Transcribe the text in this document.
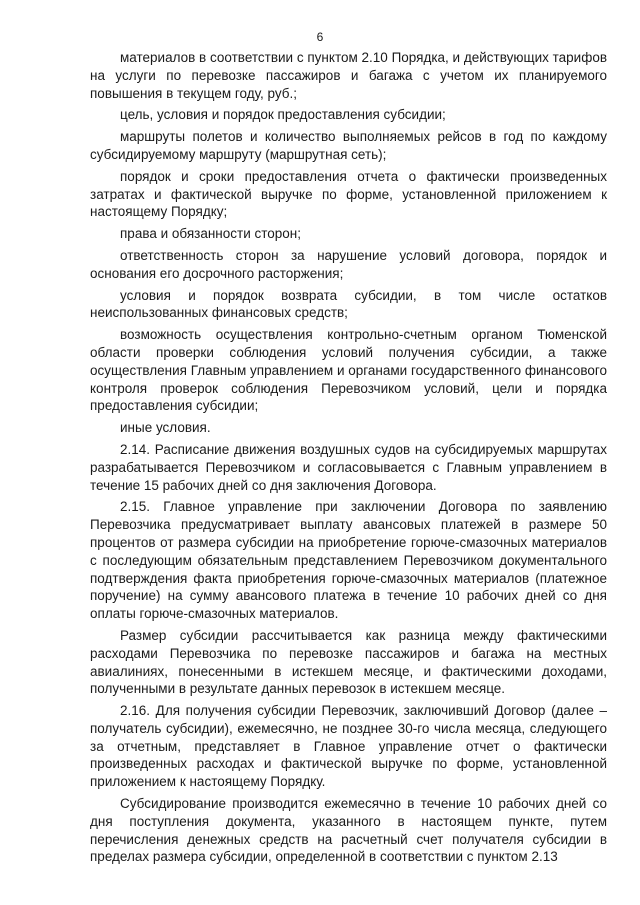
6

материалов в соответствии с пунктом 2.10 Порядка, и действующих тарифов на услуги по перевозке пассажиров и багажа с учетом их планируемого повышения в текущем году, руб.;

цель, условия и порядок предоставления субсидии;

маршруты полетов и количество выполняемых рейсов в год по каждому субсидируемому маршруту (маршрутная сеть);

порядок и сроки предоставления отчета о фактически произведенных затратах и фактической выручке по форме, установленной приложением к настоящему Порядку;

права и обязанности сторон;

ответственность сторон за нарушение условий договора, порядок и основания его досрочного расторжения;

условия и порядок возврата субсидии, в том числе остатков неиспользованных финансовых средств;

возможность осуществления контрольно-счетным органом Тюменской области проверки соблюдения условий получения субсидии, а также осуществления Главным управлением и органами государственного финансового контроля проверок соблюдения Перевозчиком условий, цели и порядка предоставления субсидии;

иные условия.

2.14. Расписание движения воздушных судов на субсидируемых маршрутах разрабатывается Перевозчиком и согласовывается с Главным управлением в течение 15 рабочих дней со дня заключения Договора.

2.15. Главное управление при заключении Договора по заявлению Перевозчика предусматривает выплату авансовых платежей в размере 50 процентов от размера субсидии на приобретение горюче-смазочных материалов с последующим обязательным представлением Перевозчиком документального подтверждения факта приобретения горюче-смазочных материалов (платежное поручение) на сумму авансового платежа в течение 10 рабочих дней со дня оплаты горюче-смазочных материалов.

Размер субсидии рассчитывается как разница между фактическими расходами Перевозчика по перевозке пассажиров и багажа на местных авиалиниях, понесенными в истекшем месяце, и фактическими доходами, полученными в результате данных перевозок в истекшем месяце.

2.16. Для получения субсидии Перевозчик, заключивший Договор (далее – получатель субсидии), ежемесячно, не позднее 30-го числа месяца, следующего за отчетным, представляет в Главное управление отчет о фактически произведенных расходах и фактической выручке по форме, установленной приложением к настоящему Порядку.

Субсидирование производится ежемесячно в течение 10 рабочих дней со дня поступления документа, указанного в настоящем пункте, путем перечисления денежных средств на расчетный счет получателя субсидии в пределах размера субсидии, определенной в соответствии с пунктом 2.13
